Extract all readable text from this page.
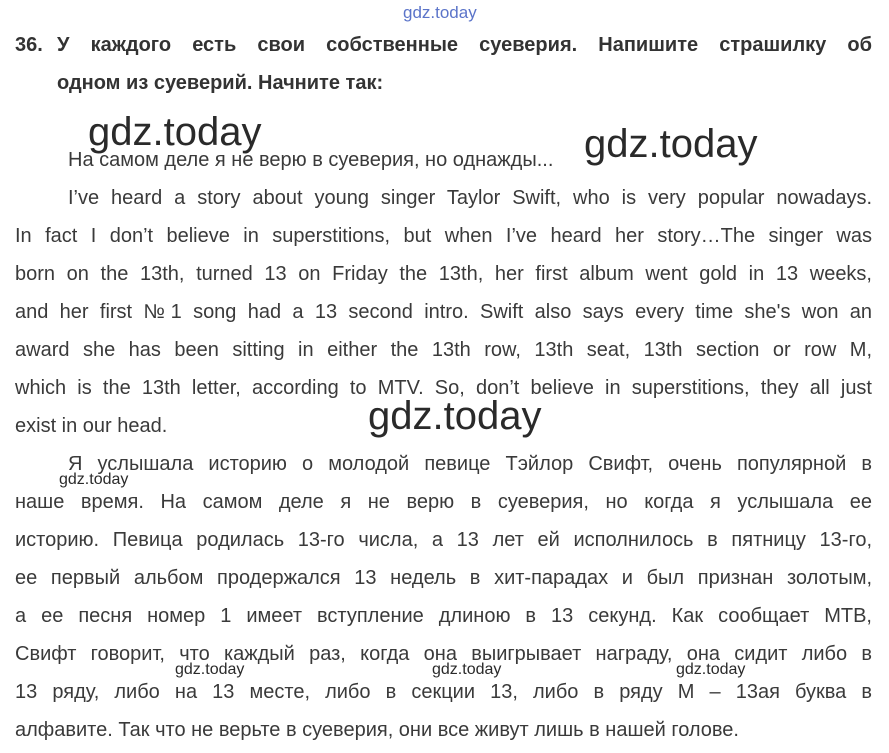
gdz.today
36. У каждого есть свои собственные суеверия. Напишите страшилку об
одном из суеверий. Начните так:
На самом деле я не верю в суеверия, но однажды...
I’ve heard a story about young singer Taylor Swift, who is very popular nowadays.
In fact I don’t believe in superstitions, but when I’ve heard her story…The singer was
born on the 13th, turned 13 on Friday the 13th, her first album went gold in 13 weeks,
and her first №1 song had a 13 second intro. Swift also says every time she's won an
award she has been sitting in either the 13th row, 13th seat, 13th section or row M,
which is the 13th letter, according to MTV. So, don’t believe in superstitions, they all just
exist in our head.
Я услышала историю о молодой певице Тэйлор Свифт, очень популярной в
наше время. На самом деле я не верю в суеверия, но когда я услышала ее
историю. Певица родилась 13-го числа, а 13 лет ей исполнилось в пятницу 13-го,
ее первый альбом продержался 13 недель в хит-парадах и был признан золотым,
а ее песня номер 1 имеет вступление длиною в 13 секунд. Как сообщает МТВ,
Свифт говорит, что каждый раз, когда она выигрывает награду, она сидит либо в
13 ряду, либо на 13 месте, либо в секции 13, либо в ряду М – 13ая буква в
алфавите. Так что не верьте в суеверия, они все живут лишь в нашей голове.
gdz.today	gdz.today
gdz.today
gdz.today
gdz.today	gdz.today	gdz.today
